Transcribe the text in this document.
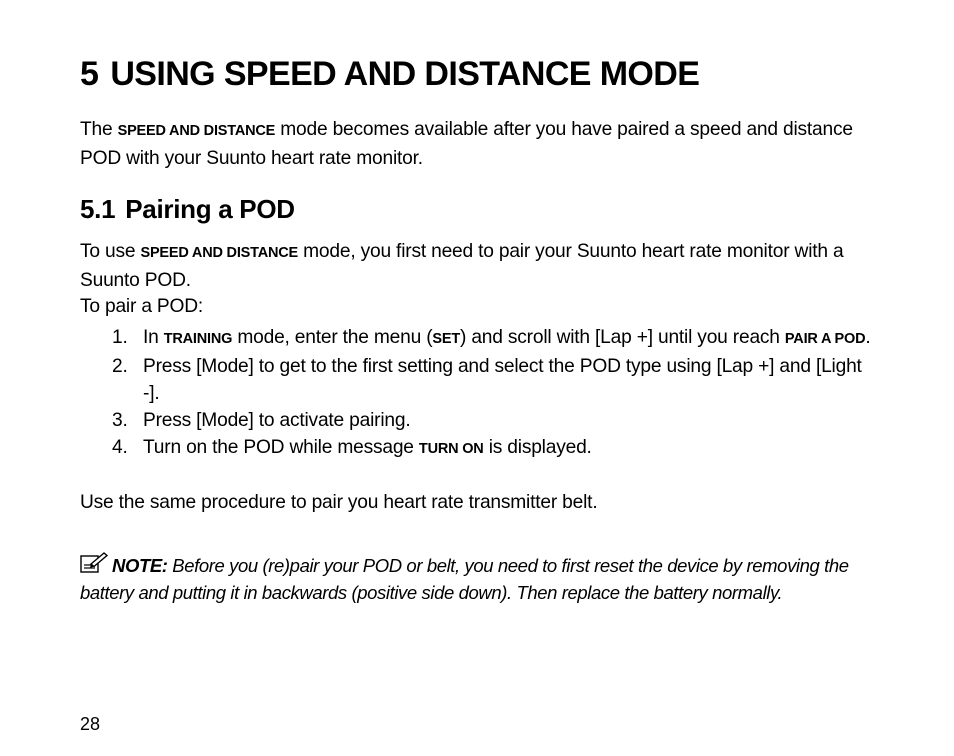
5 USING SPEED AND DISTANCE MODE

The SPEED AND DISTANCE mode becomes available after you have paired a speed and distance POD with your Suunto heart rate monitor.

5.1 Pairing a POD

To use SPEED AND DISTANCE mode, you first need to pair your Suunto heart rate monitor with a Suunto POD.

To pair a POD:

1. In TRAINING mode, enter the menu (SET) and scroll with [Lap +] until you reach PAIR A POD.
2. Press [Mode] to get to the first setting and select the POD type using [Lap +] and [Light -].
3. Press [Mode] to activate pairing.
4. Turn on the POD while message TURN ON is displayed.

Use the same procedure to pair you heart rate transmitter belt.

NOTE: Before you (re)pair your POD or belt, you need to first reset the device by removing the battery and putting it in backwards (positive side down). Then replace the battery normally.

28
